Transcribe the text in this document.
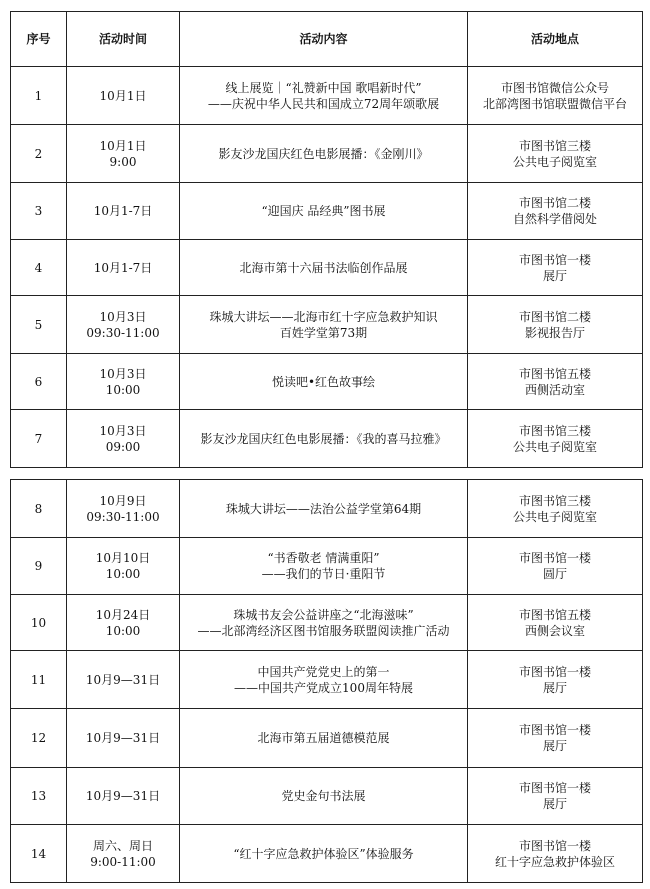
序号	活动时间	活动内容	活动地点
1	10月1日	线上展览｜“礼赞新中国 歌唱新时代”
——庆祝中华人民共和国成立72周年颂歌展	市图书馆微信公众号
北部湾图书馆联盟微信平台

2	10月1日
9:00	影友沙龙国庆红色电影展播：《金刚川》	市图书馆三楼
公共电子阅览室

3	10月1-7日	“迎国庆 品经典”图书展	市图书馆二楼
自然科学借阅处

4	10月1-7日	北海市第十六届书法临创作品展	市图书馆一楼
展厅

5	10月3日
09:30-11:00	珠城大讲坛——北海市红十字应急救护知识
百姓学堂第73期	市图书馆二楼
影视报告厅

6	10月3日
10:00	悦读吧•红色故事绘	市图书馆五楼
西侧活动室

7	10月3日
09:00	影友沙龙国庆红色电影展播：《我的喜马拉雅》	市图书馆三楼
公共电子阅览室
8	10月9日
09:30-11:00	珠城大讲坛——法治公益学堂第64期	市图书馆三楼
公共电子阅览室

9	10月10日
10:00	“书香敬老 情满重阳”
——我们的节日·重阳节	市图书馆一楼
圆厅

10	10月24日
10:00	珠城书友会公益讲座之“北海滋味”
——北部湾经济区图书馆服务联盟阅读推广活动	市图书馆五楼
西侧会议室

11	10月9—31日	中国共产党党史上的第一
——中国共产党成立100周年特展	市图书馆一楼
展厅

12	10月9—31日	北海市第五届道德模范展	市图书馆一楼
展厅

13	10月9—31日	党史金句书法展	市图书馆一楼
展厅

14	周六、周日
9:00-11:00	“红十字应急救护体验区”体验服务	市图书馆一楼
红十字应急救护体验区
